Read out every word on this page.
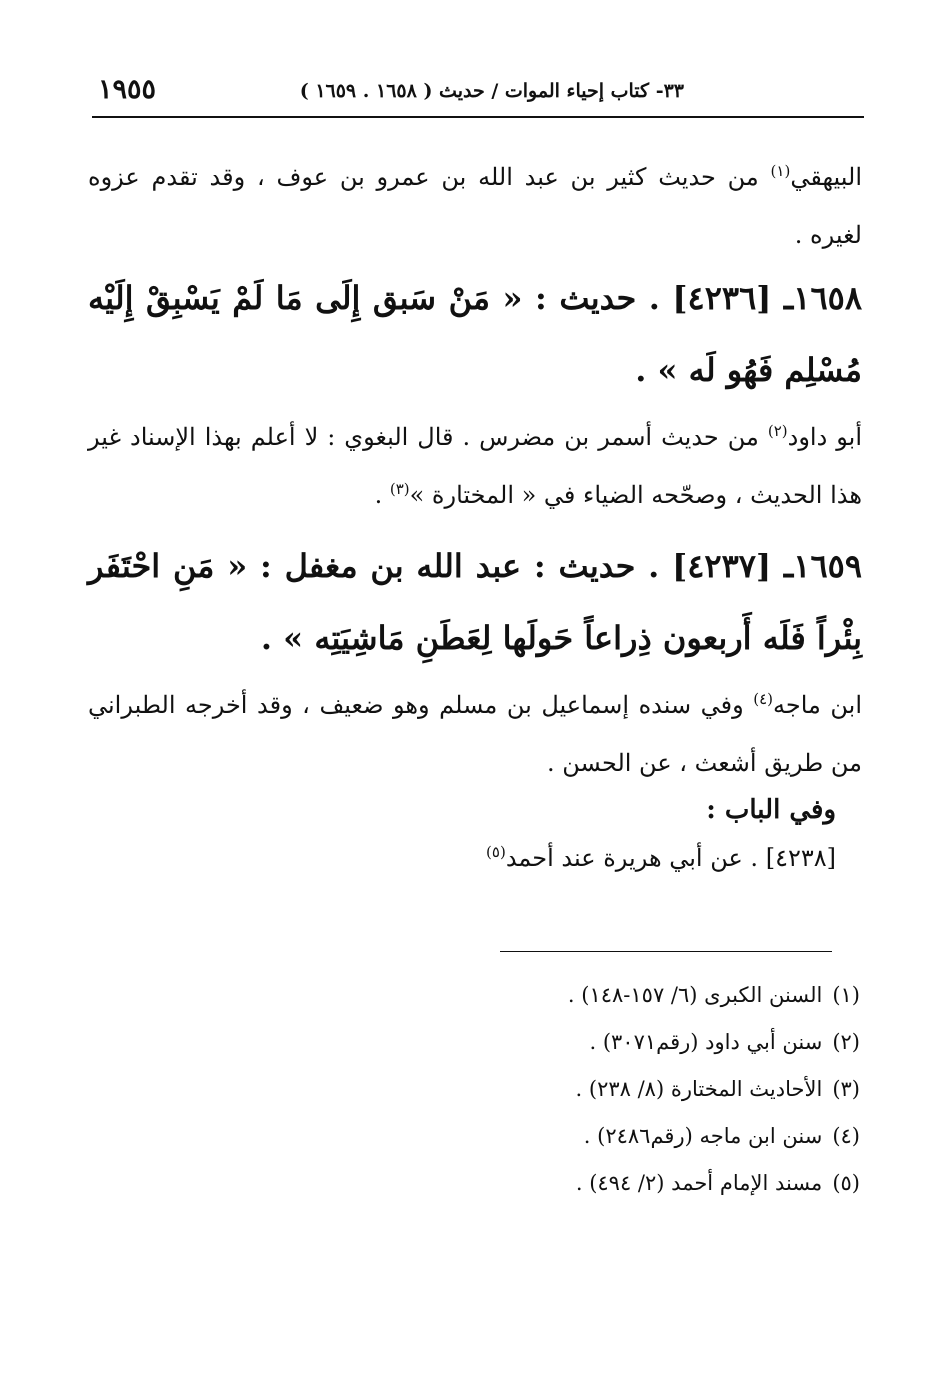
٣٣- كتاب إحياء الموات / حديث ( ١٦٥٨ . ١٦٥٩ )
١٩٥٥

البيهقي$^{(١)}$ من حديث كثير بن عبد الله بن عمرو بن عوف ، وقد تقدم عزوه لغيره .

١٦٥٨ـ [٤٢٣٦] . حديث : « مَنْ سَبق إِلَى مَا لَمْ يَسْبِقْ إِلَيْه مُسْلِم فَهُو لَه » .

أبو داود$^{(٢)}$ من حديث أسمر بن مضرس . قال البغوي : لا أعلم بهذا الإسناد غير هذا الحديث ، وصحّحه الضياء في « المختارة »$^{(٣)}$ .

١٦٥٩ـ [٤٢٣٧] . حديث : عبد الله بن مغفل : « مَنِ احْتَفَر بِئْراً فَلَه أَربعون ذِراعاً حَولَها لِعَطَنِ مَاشِيَتِه » .

ابن ماجه$^{(٤)}$ وفي سنده إسماعيل بن مسلم وهو ضعيف ، وقد أخرجه الطبراني من طريق أشعث ، عن الحسن .

وفي الباب :

[٤٢٣٨] . عن أبي هريرة عند أحمد$^{(٥)}$

(١)السنن الكبرى (٦/ ١٥٧-١٤٨) .

(٢)سنن أبي داود (رقم٣٠٧١) .

(٣)الأحاديث المختارة (٨/ ٢٣٨) .

(٤)سنن ابن ماجه (رقم٢٤٨٦) .

(٥)مسند الإمام أحمد (٢/ ٤٩٤) .
